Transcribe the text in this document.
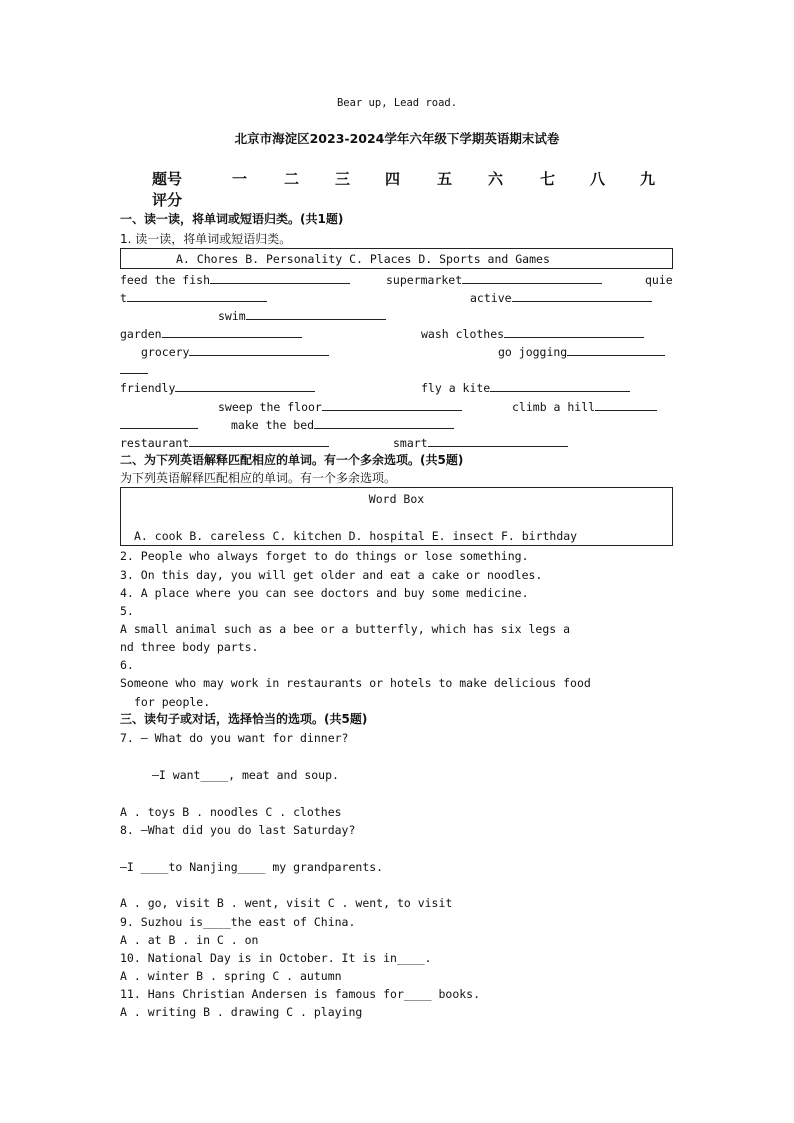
Bear up, Lead road.
北京市海淀区2023-2024学年六年级下学期英语期末试卷
题号	一 二 三 四 五 六 七 八 九
评分
一、读一读，将单词或短语归类。(共1题)
1. 读一读，将单词或短语归类。
A. Chores B. Personality C. Places D. Sports and Games
feed the fish	supermarket	quie
t	active
swim
garden	wash clothes
grocery	go jogging
friendly	fly a kite
sweep the floor	climb a hill
make the bed
restaurant	smart
二、为下列英语解释匹配相应的单词。有一个多余选项。(共5题)
为下列英语解释匹配相应的单词。有一个多余选项。
Word Box
A. cook B. careless C. kitchen D. hospital E. insect F. birthday
2. People who always forget to do things or lose something.
3. On this day, you will get older and eat a cake or noodles.
4. A place where you can see doctors and buy some medicine.
5.
A small animal such as a bee or a butterfly, which has six legs a
nd three body parts.
6.
Someone who may work in restaurants or hotels to make delicious food
for people.
三、读句子或对话，选择恰当的选项。(共5题)
7. — What do you want for dinner?
—I want____, meat and soup.
A . toys B . noodles C . clothes
8. —What did you do last Saturday?
—I ____to Nanjing____ my grandparents.
A . go, visit B . went, visit C . went, to visit
9. Suzhou is____the east of China.
A . at B . in C . on
10. National Day is in October. It is in____.
A . winter B . spring C . autumn
11. Hans Christian Andersen is famous for____ books.
A . writing B . drawing C . playing
